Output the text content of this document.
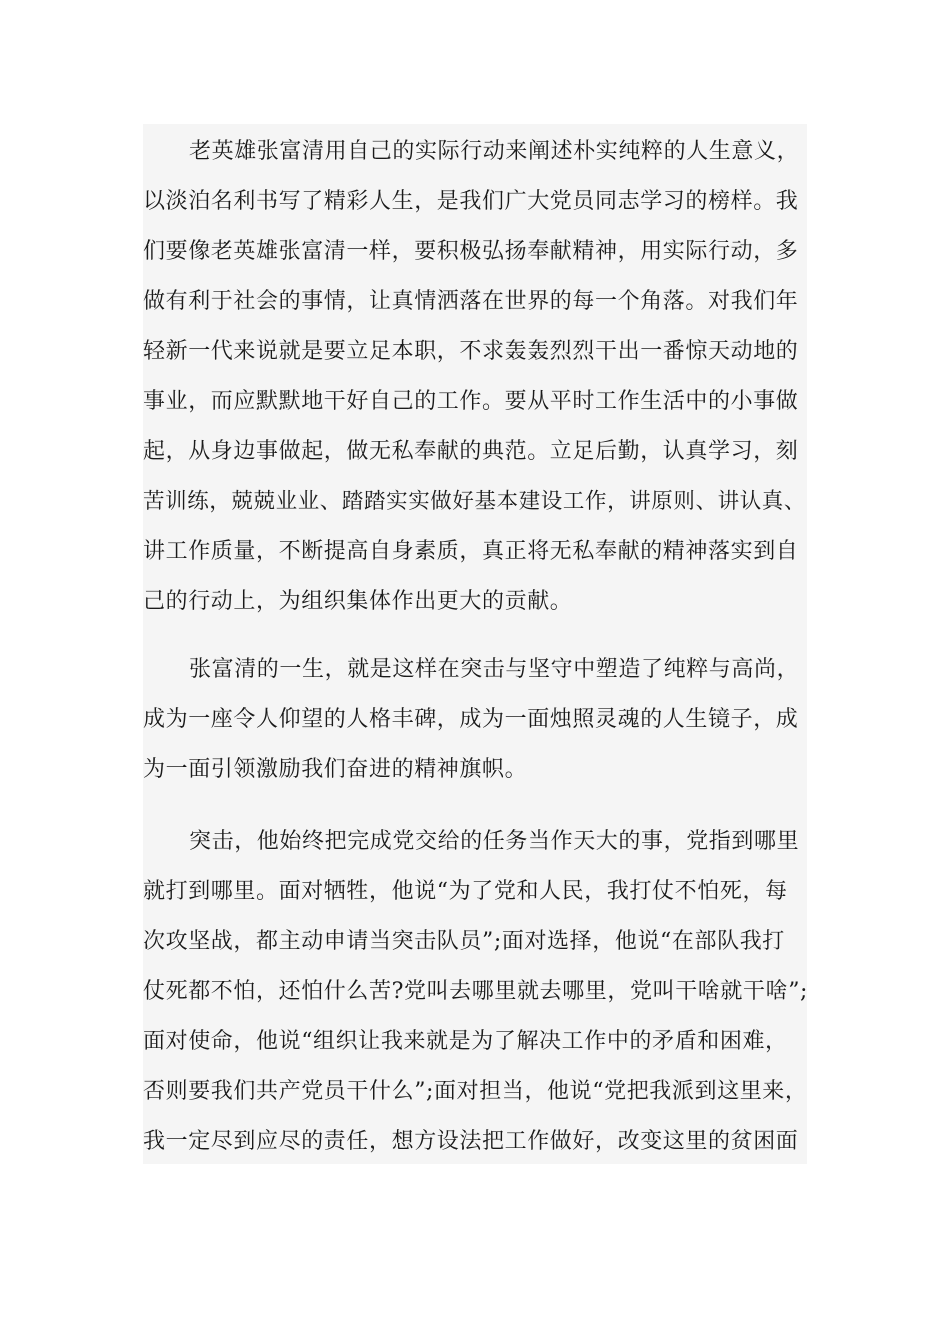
老英雄张富清用自己的实际行动来阐述朴实纯粹的人生意义，
以淡泊名利书写了精彩人生，是我们广大党员同志学习的榜样。我
们要像老英雄张富清一样，要积极弘扬奉献精神，用实际行动，多
做有利于社会的事情，让真情洒落在世界的每一个角落。对我们年
轻新一代来说就是要立足本职，不求轰轰烈烈干出一番惊天动地的
事业，而应默默地干好自己的工作。要从平时工作生活中的小事做
起，从身边事做起，做无私奉献的典范。立足后勤，认真学习，刻
苦训练，兢兢业业、踏踏实实做好基本建设工作，讲原则、讲认真、
讲工作质量，不断提高自身素质，真正将无私奉献的精神落实到自
己的行动上，为组织集体作出更大的贡献。
张富清的一生，就是这样在突击与坚守中塑造了纯粹与高尚，
成为一座令人仰望的人格丰碑，成为一面烛照灵魂的人生镜子，成
为一面引领激励我们奋进的精神旗帜。
突击，他始终把完成党交给的任务当作天大的事，党指到哪里
就打到哪里。面对牺牲，他说“为了党和人民，我打仗不怕死，每
次攻坚战，都主动申请当突击队员”;面对选择，他说“在部队我打
仗死都不怕，还怕什么苦?党叫去哪里就去哪里，党叫干啥就干啥”;
面对使命，他说“组织让我来就是为了解决工作中的矛盾和困难，
否则要我们共产党员干什么”;面对担当，他说“党把我派到这里来，
我一定尽到应尽的责任，想方设法把工作做好，改变这里的贫困面
